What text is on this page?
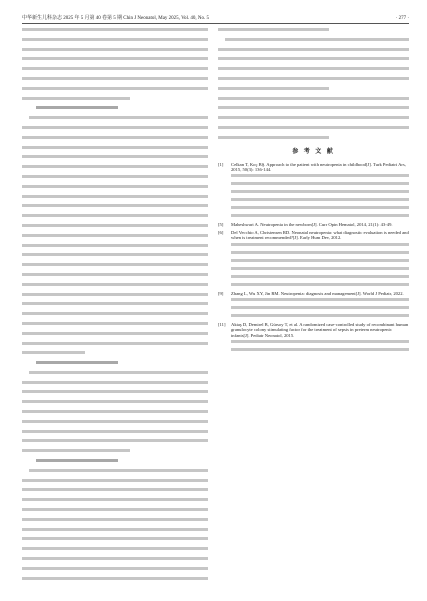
中华新生儿科杂志 2025 年 5 月第 40 卷第 5 期 Chin J Neonatol, May 2025, Vol. 40, No. 5	· 277 ·
参 考 文 献
[1]	Celkan T, Koç BŞ. Approach to the patient with neutropenia in childhood[J]. Turk Pediatri Ars, 2015, 50(3): 136-144.
[5]	Maheshwari A. Neutropenia in the newborn[J]. Curr Opin Hematol, 2014, 21(1): 43-49.
[6]	Del Vecchio A, Christensen RD. Neonatal neutropenia: what diagnostic evaluation is needed and when is treatment recommended?[J]. Early Hum Dev, 2012.
[9]	Zhang L, Wu XY, Jin RM. Neutropenia: diagnosis and management[J]. World J Pediatr, 2022.
[11]	Aktaş D, Demirel B, Gürsoy T, et al. A randomized case-controlled study of recombinant human granulocyte colony stimulating factor for the treatment of sepsis in preterm neutropenic infants[J]. Pediatr Neonatol, 2015.
